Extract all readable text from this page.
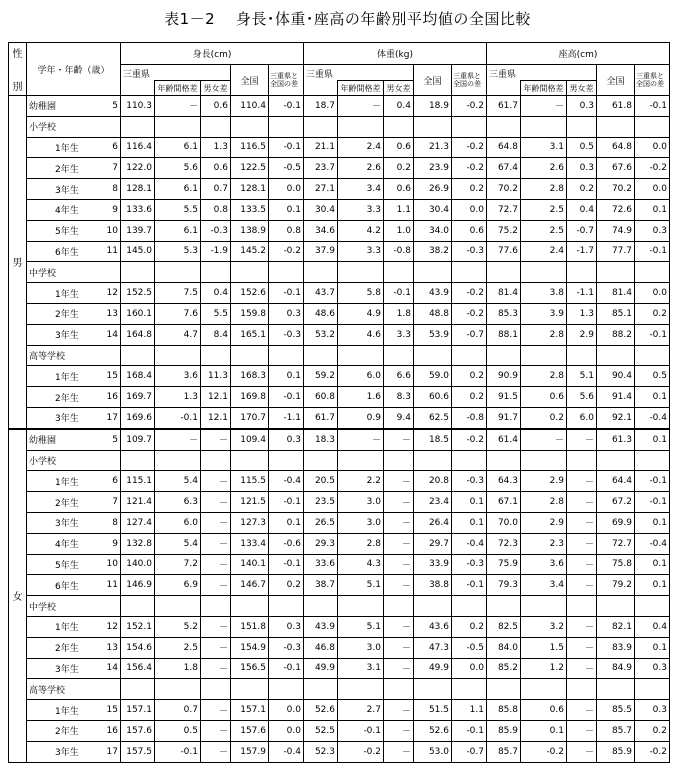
表1－2　 身長･体重･座高の年齢別平均値の全国比較
性
別	学年・年齢（歳）		身長(cm)					体重(kg)					座高(cm)				
			三重県			全国	三重県と全国の差	三重県			全国	三重県と全国の差	三重県			全国	三重県と全国の差
				年齢間格差	男女差				年齢間格差	男女差				年齢間格差	男女差		
男	幼稚園	5	110.3	－	0.6	110.4	-0.1	18.7	－	0.4	18.9	-0.2	61.7	－	0.3	61.8	-0.1
	小学校																
	1年生	6	116.4	6.1	1.3	116.5	-0.1	21.1	2.4	0.6	21.3	-0.2	64.8	3.1	0.5	64.8	0.0
	2年生	7	122.0	5.6	0.6	122.5	-0.5	23.7	2.6	0.2	23.9	-0.2	67.4	2.6	0.3	67.6	-0.2
	3年生	8	128.1	6.1	0.7	128.1	0.0	27.1	3.4	0.6	26.9	0.2	70.2	2.8	0.2	70.2	0.0
	4年生	9	133.6	5.5	0.8	133.5	0.1	30.4	3.3	1.1	30.4	0.0	72.7	2.5	0.4	72.6	0.1
	5年生	10	139.7	6.1	-0.3	138.9	0.8	34.6	4.2	1.0	34.0	0.6	75.2	2.5	-0.7	74.9	0.3
	6年生	11	145.0	5.3	-1.9	145.2	-0.2	37.9	3.3	-0.8	38.2	-0.3	77.6	2.4	-1.7	77.7	-0.1
	中学校																
	1年生	12	152.5	7.5	0.4	152.6	-0.1	43.7	5.8	-0.1	43.9	-0.2	81.4	3.8	-1.1	81.4	0.0
	2年生	13	160.1	7.6	5.5	159.8	0.3	48.6	4.9	1.8	48.8	-0.2	85.3	3.9	1.3	85.1	0.2
	3年生	14	164.8	4.7	8.4	165.1	-0.3	53.2	4.6	3.3	53.9	-0.7	88.1	2.8	2.9	88.2	-0.1
	高等学校																
	1年生	15	168.4	3.6	11.3	168.3	0.1	59.2	6.0	6.6	59.0	0.2	90.9	2.8	5.1	90.4	0.5
	2年生	16	169.7	1.3	12.1	169.8	-0.1	60.8	1.6	8.3	60.6	0.2	91.5	0.6	5.6	91.4	0.1
	3年生	17	169.6	-0.1	12.1	170.7	-1.1	61.7	0.9	9.4	62.5	-0.8	91.7	0.2	6.0	92.1	-0.4
女	幼稚園	5	109.7	－	－	109.4	0.3	18.3	－	－	18.5	-0.2	61.4	－	－	61.3	0.1
	小学校																
	1年生	6	115.1	5.4	－	115.5	-0.4	20.5	2.2	－	20.8	-0.3	64.3	2.9	－	64.4	-0.1
	2年生	7	121.4	6.3	－	121.5	-0.1	23.5	3.0	－	23.4	0.1	67.1	2.8	－	67.2	-0.1
	3年生	8	127.4	6.0	－	127.3	0.1	26.5	3.0	－	26.4	0.1	70.0	2.9	－	69.9	0.1
	4年生	9	132.8	5.4	－	133.4	-0.6	29.3	2.8	－	29.7	-0.4	72.3	2.3	－	72.7	-0.4
	5年生	10	140.0	7.2	－	140.1	-0.1	33.6	4.3	－	33.9	-0.3	75.9	3.6	－	75.8	0.1
	6年生	11	146.9	6.9	－	146.7	0.2	38.7	5.1	－	38.8	-0.1	79.3	3.4	－	79.2	0.1
	中学校																
	1年生	12	152.1	5.2	－	151.8	0.3	43.9	5.1	－	43.6	0.2	82.5	3.2	－	82.1	0.4
	2年生	13	154.6	2.5	－	154.9	-0.3	46.8	3.0	－	47.3	-0.5	84.0	1.5	－	83.9	0.1
	3年生	14	156.4	1.8	－	156.5	-0.1	49.9	3.1	－	49.9	0.0	85.2	1.2	－	84.9	0.3
	高等学校																
	1年生	15	157.1	0.7	－	157.1	0.0	52.6	2.7	－	51.5	1.1	85.8	0.6	－	85.5	0.3
	2年生	16	157.6	0.5	－	157.6	0.0	52.5	-0.1	－	52.6	-0.1	85.9	0.1	－	85.7	0.2
	3年生	17	157.5	-0.1	－	157.9	-0.4	52.3	-0.2	－	53.0	-0.7	85.7	-0.2	－	85.9	-0.2
